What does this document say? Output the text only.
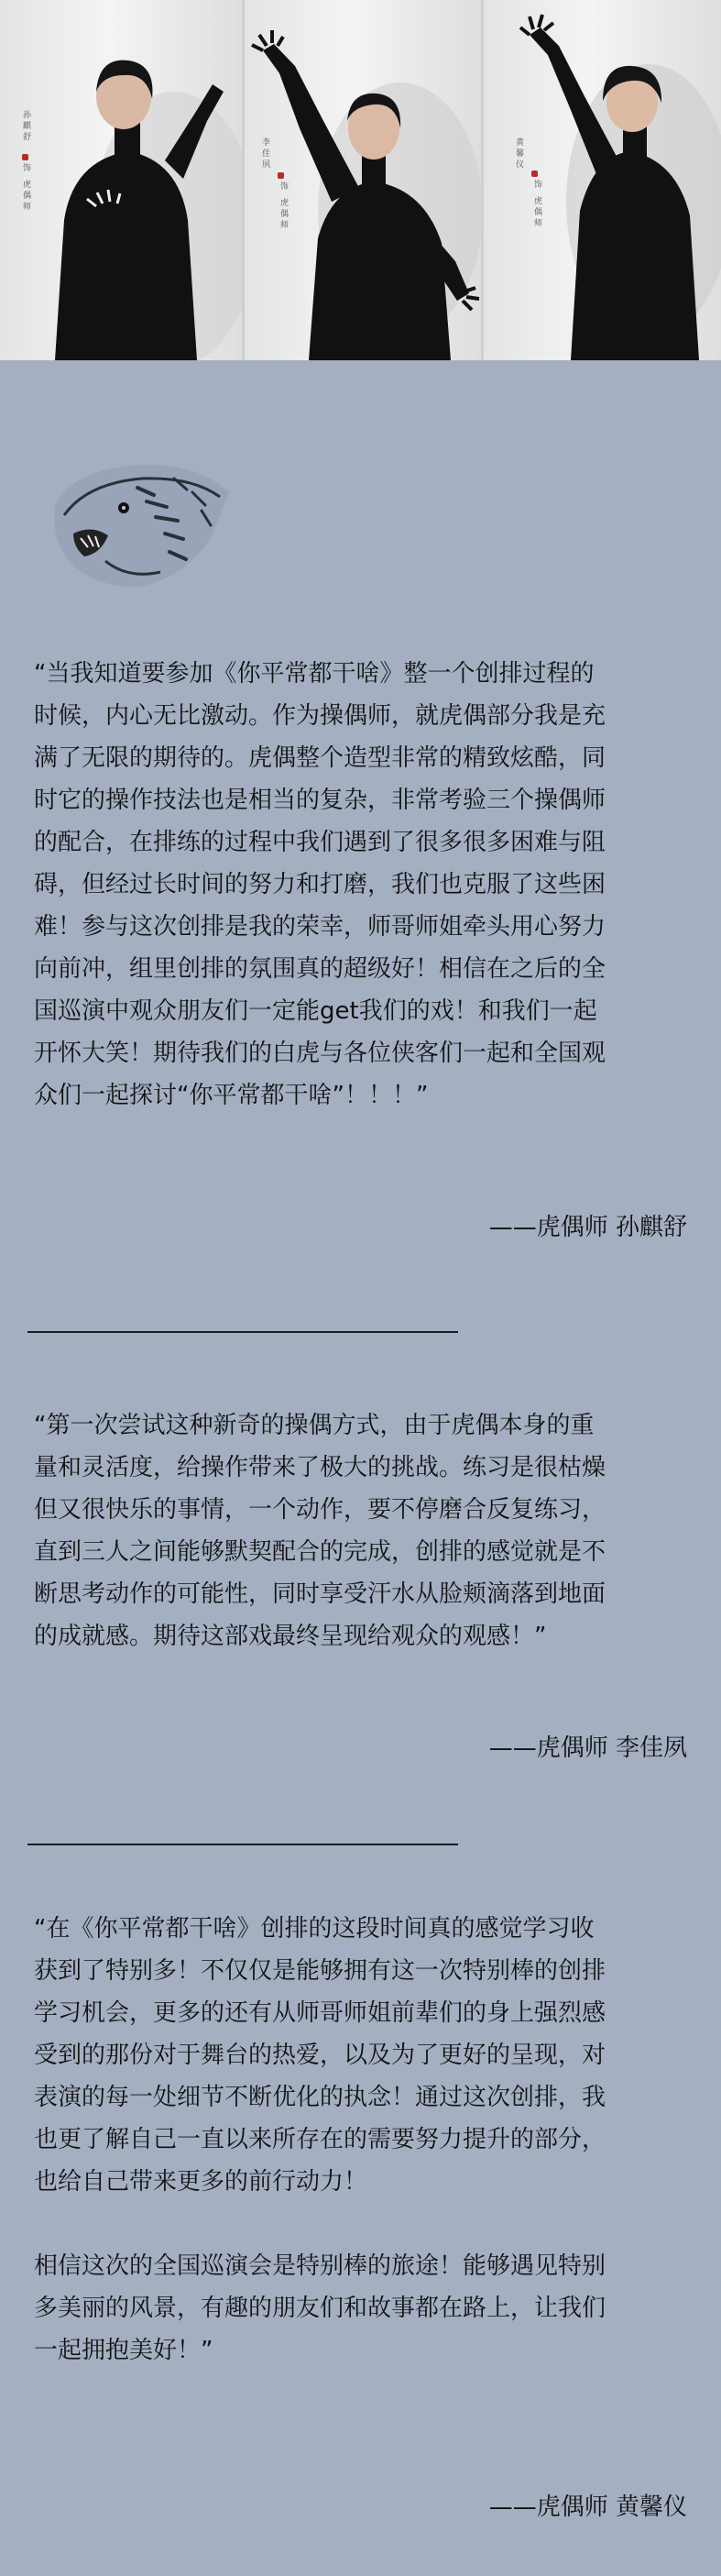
孙麒舒
饰 虎偶师
李佳夙
饰 虎偶师
黄馨仪
饰 虎偶师

“当我知道要参加《你平常都干啥》整一个创排过程的
时候，内心无比激动。作为操偶师，就虎偶部分我是充
满了无限的期待的。虎偶整个造型非常的精致炫酷，同
时它的操作技法也是相当的复杂，非常考验三个操偶师
的配合，在排练的过程中我们遇到了很多很多困难与阻
碍，但经过长时间的努力和打磨，我们也克服了这些困
难！参与这次创排是我的荣幸，师哥师姐牵头用心努力
向前冲，组里创排的氛围真的超级好！相信在之后的全
国巡演中观众朋友们一定能get我们的戏！和我们一起
开怀大笑！期待我们的白虎与各位侠客们一起和全国观
众们一起探讨“你平常都干啥”！！！”

——虎偶师 孙麒舒

“第一次尝试这种新奇的操偶方式，由于虎偶本身的重
量和灵活度，给操作带来了极大的挑战。练习是很枯燥
但又很快乐的事情，一个动作，要不停磨合反复练习，
直到三人之间能够默契配合的完成，创排的感觉就是不
断思考动作的可能性，同时享受汗水从脸颊滴落到地面
的成就感。期待这部戏最终呈现给观众的观感！”

——虎偶师 李佳夙

“在《你平常都干啥》创排的这段时间真的感觉学习收
获到了特别多！不仅仅是能够拥有这一次特别棒的创排
学习机会，更多的还有从师哥师姐前辈们的身上强烈感
受到的那份对于舞台的热爱，以及为了更好的呈现，对
表演的每一处细节不断优化的执念！通过这次创排，我
也更了解自己一直以来所存在的需要努力提升的部分，
也给自己带来更多的前行动力！

相信这次的全国巡演会是特别棒的旅途！能够遇见特别
多美丽的风景，有趣的朋友们和故事都在路上，让我们
一起拥抱美好！”

——虎偶师 黄馨仪
